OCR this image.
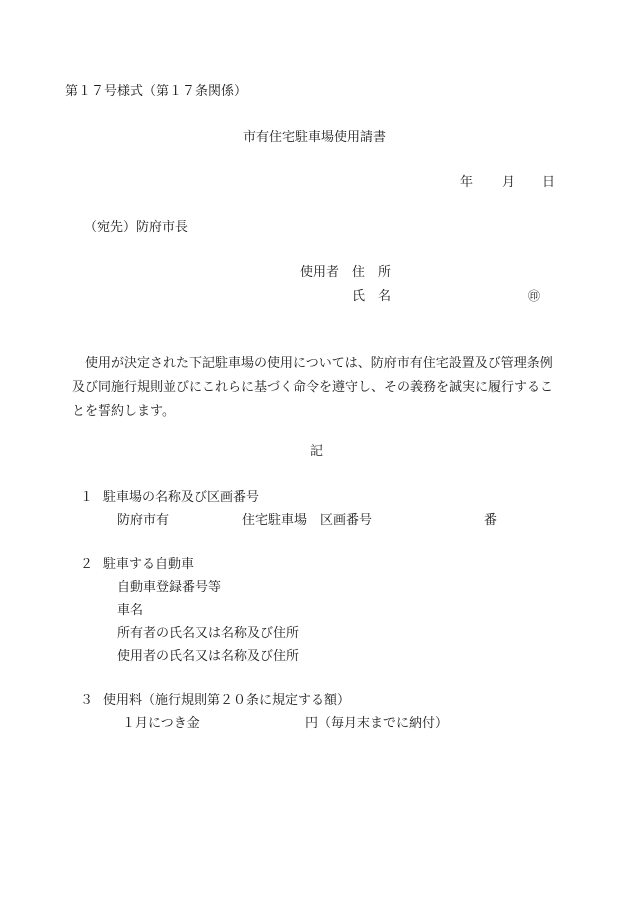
第１７号様式（第１７条関係）
市有住宅駐車場使用請書
年 月 日
（宛先）防府市長
使用者 住　所
氏　名	㊞
使用が決定された下記駐車場の使用については、防府市有住宅設置及び管理条例及び同施行規則並びにこれらに基づく命令を遵守し、その義務を誠実に履行することを誓約します。
記
１ 駐車場の名称及び区画番号
防府市有	住宅駐車場　区画番号	番
２ 駐車する自動車
自動車登録番号等
車名
所有者の氏名又は名称及び住所
使用者の氏名又は名称及び住所
３ 使用料（施行規則第２０条に規定する額）
１月につき金	円（毎月末までに納付）
